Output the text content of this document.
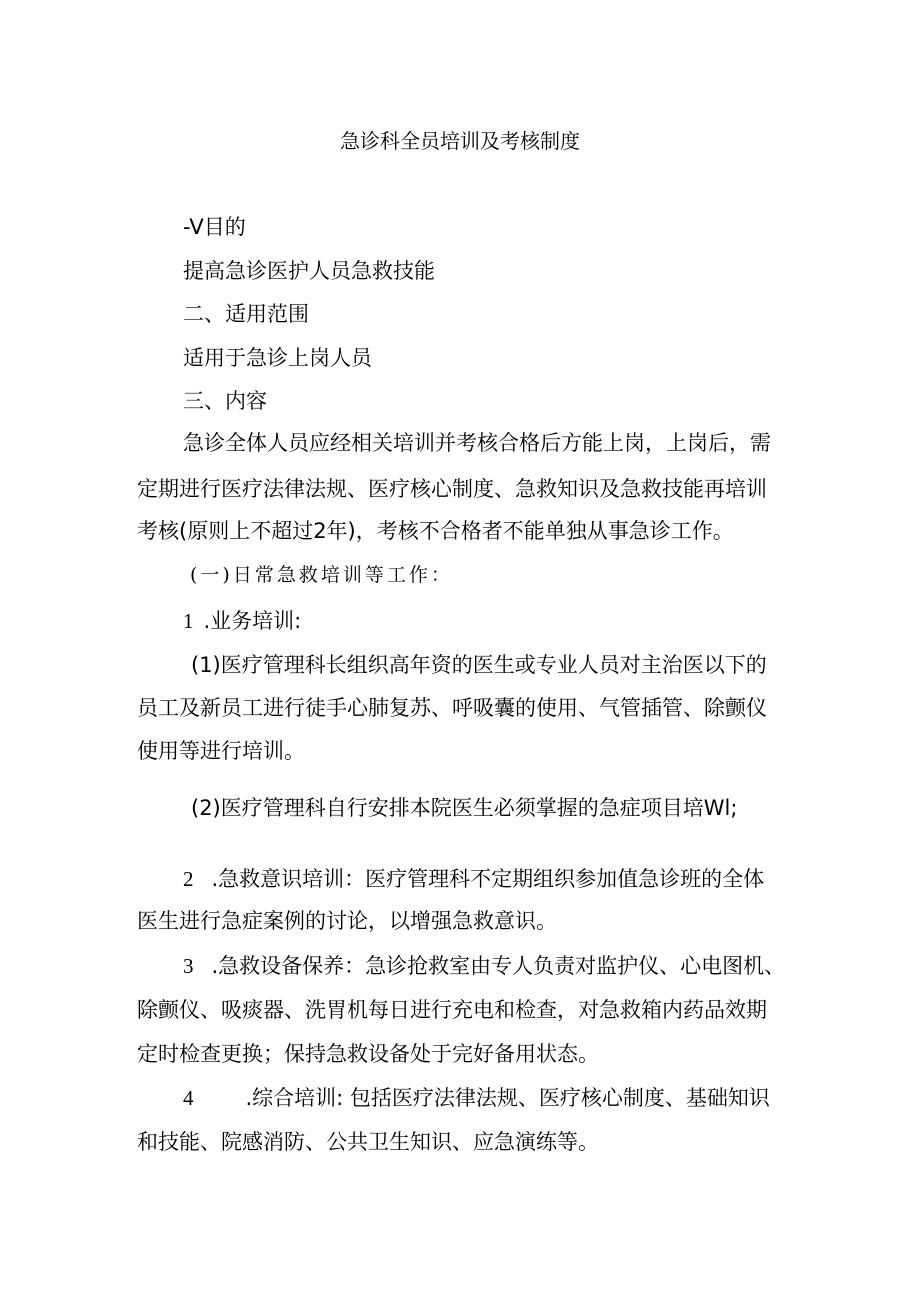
急诊科全员培训及考核制度
-V目的
提高急诊医护人员急救技能
二、适用范围
适用于急诊上岗人员
三、内容
急诊全体人员应经相关培训并考核合格后方能上岗，上岗后，需
定期进行医疗法律法规、医疗核心制度、急救知识及急救技能再培训
考核(原则上不超过2年)，考核不合格者不能单独从事急诊工作。
(一)日常急救培训等工作：
1 .业务培训:
(1)医疗管理科长组织高年资的医生或专业人员对主治医以下的
员工及新员工进行徒手心肺复苏、呼吸囊的使用、气管插管、除颤仪
使用等进行培训。
(2)医疗管理科自行安排本院医生必须掌握的急症项目培Wl;
2 .急救意识培训：医疗管理科不定期组织参加值急诊班的全体
医生进行急症案例的讨论，以增强急救意识。
3 .急救设备保养：急诊抢救室由专人负责对监护仪、心电图机、
除颤仪、吸痰器、洗胃机每日进行充电和检查，对急救箱内药品效期
定时检查更换；保持急救设备处于完好备用状态。
4 .综合培训: 包括医疗法律法规、医疗核心制度、基础知识
和技能、院感消防、公共卫生知识、应急演练等。
